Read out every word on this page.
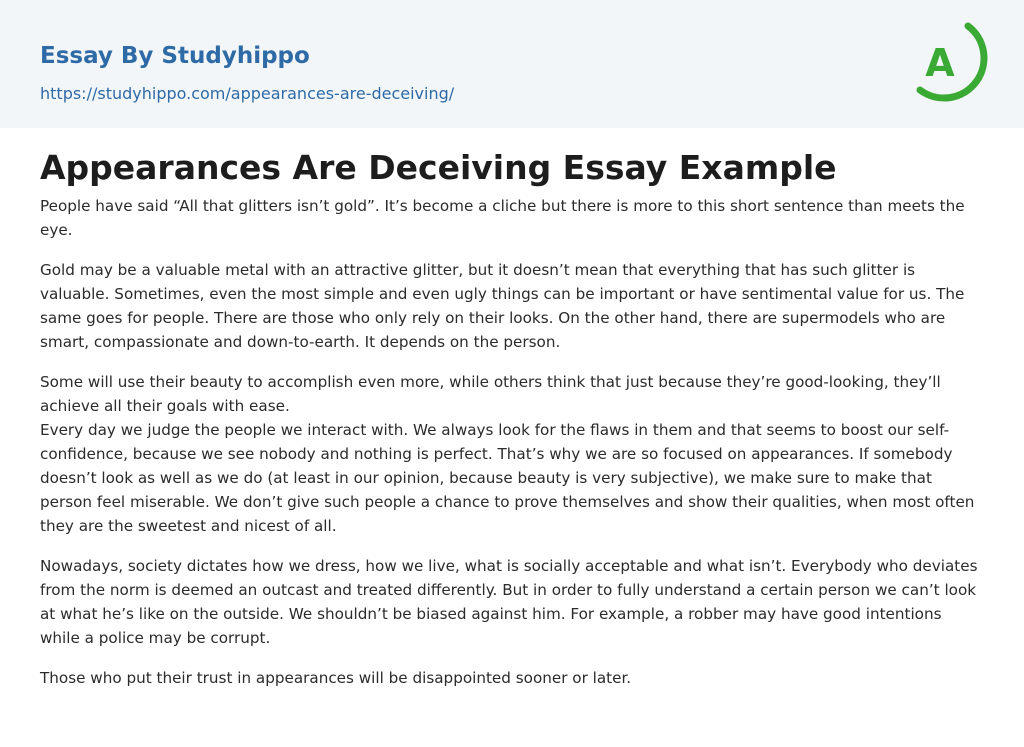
Essay By Studyhippo
https://studyhippo.com/appearances-are-deceiving/
A
Appearances Are Deceiving Essay Example

People have said “All that glitters isn’t gold”. It’s become a cliche but there is more to this short sentence than meets the eye.

Gold may be a valuable metal with an attractive glitter, but it doesn’t mean that everything that has such glitter is valuable. Sometimes, even the most simple and even ugly things can be important or have sentimental value for us. The same goes for people. There are those who only rely on their looks. On the other hand, there are supermodels who are smart, compassionate and down-to-earth. It depends on the person.

Some will use their beauty to accomplish even more, while others think that just because they’re good-looking, they’ll achieve all their goals with ease.
Every day we judge the people we interact with. We always look for the flaws in them and that seems to boost our self-confidence, because we see nobody and nothing is perfect. That’s why we are so focused on appearances. If somebody doesn’t look as well as we do (at least in our opinion, because beauty is very subjective), we make sure to make that person feel miserable. We don’t give such people a chance to prove themselves and show their qualities, when most often they are the sweetest and nicest of all.

Nowadays, society dictates how we dress, how we live, what is socially acceptable and what isn’t. Everybody who deviates from the norm is deemed an outcast and treated differently. But in order to fully understand a certain person we can’t look at what he’s like on the outside. We shouldn’t be biased against him. For example, a robber may have good intentions while a police may be corrupt.

Those who put their trust in appearances will be disappointed sooner or later.
